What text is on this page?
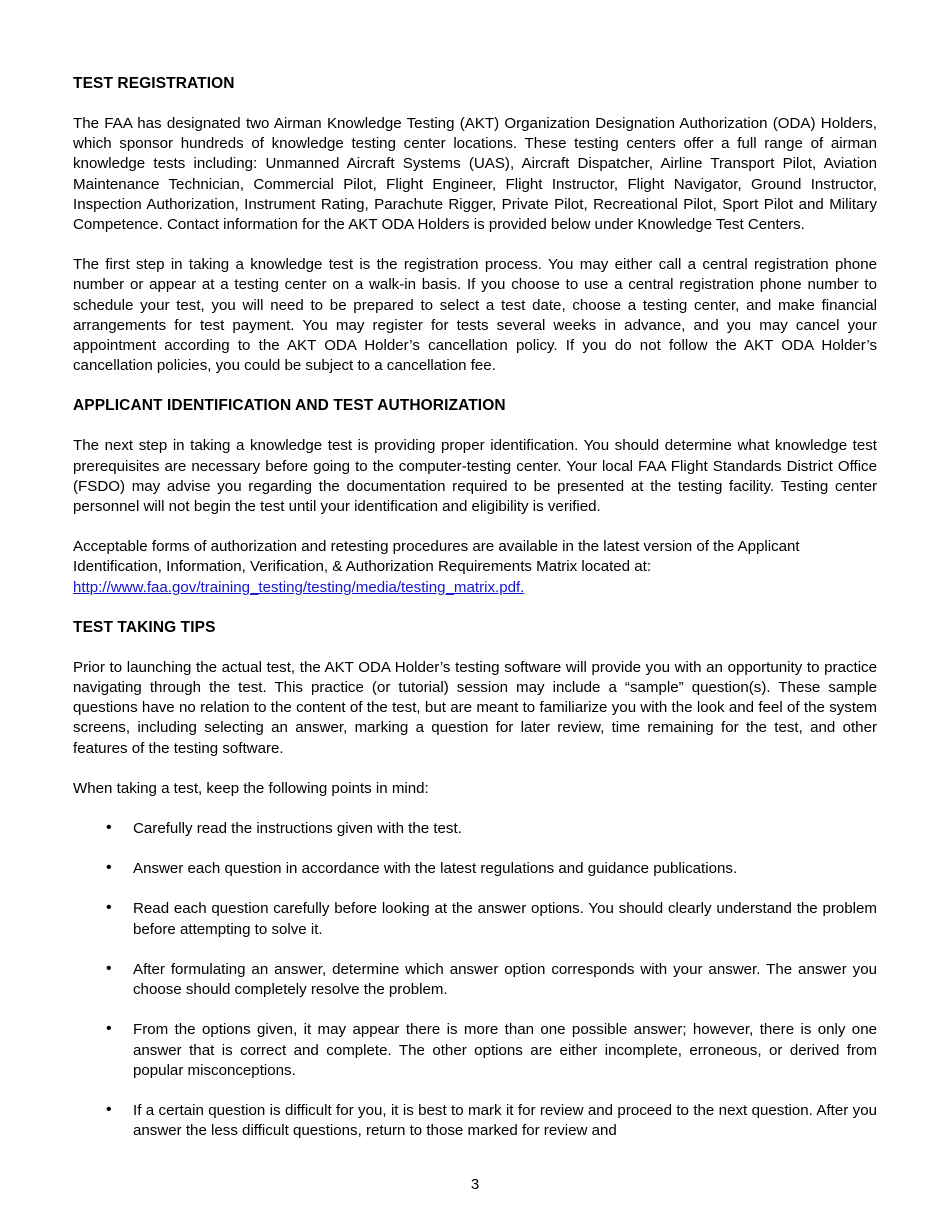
TEST REGISTRATION

The FAA has designated two Airman Knowledge Testing (AKT) Organization Designation Authorization (ODA) Holders, which sponsor hundreds of knowledge testing center locations. These testing centers offer a full range of airman knowledge tests including: Unmanned Aircraft Systems (UAS), Aircraft Dispatcher, Airline Transport Pilot, Aviation Maintenance Technician, Commercial Pilot, Flight Engineer, Flight Instructor, Flight Navigator, Ground Instructor, Inspection Authorization, Instrument Rating, Parachute Rigger, Private Pilot, Recreational Pilot, Sport Pilot and Military Competence. Contact information for the AKT ODA Holders is provided below under Knowledge Test Centers.

The first step in taking a knowledge test is the registration process. You may either call a central registration phone number or appear at a testing center on a walk-in basis. If you choose to use a central registration phone number to schedule your test, you will need to be prepared to select a test date, choose a testing center, and make financial arrangements for test payment. You may register for tests several weeks in advance, and you may cancel your appointment according to the AKT ODA Holder’s cancellation policy. If you do not follow the AKT ODA Holder’s cancellation policies, you could be subject to a cancellation fee.

APPLICANT IDENTIFICATION AND TEST AUTHORIZATION

The next step in taking a knowledge test is providing proper identification. You should determine what knowledge test prerequisites are necessary before going to the computer-testing center. Your local FAA Flight Standards District Office (FSDO) may advise you regarding the documentation required to be presented at the testing facility. Testing center personnel will not begin the test until your identification and eligibility is verified.

Acceptable forms of authorization and retesting procedures are available in the latest version of the Applicant Identification, Information, Verification, & Authorization Requirements Matrix located at:
http://www.faa.gov/training_testing/testing/media/testing_matrix.pdf.

TEST TAKING TIPS

Prior to launching the actual test, the AKT ODA Holder’s testing software will provide you with an opportunity to practice navigating through the test. This practice (or tutorial) session may include a “sample” question(s). These sample questions have no relation to the content of the test, but are meant to familiarize you with the look and feel of the system screens, including selecting an answer, marking a question for later review, time remaining for the test, and other features of the testing software.

When taking a test, keep the following points in mind:

• Carefully read the instructions given with the test.
• Answer each question in accordance with the latest regulations and guidance publications.
• Read each question carefully before looking at the answer options. You should clearly understand the problem before attempting to solve it.
• After formulating an answer, determine which answer option corresponds with your answer. The answer you choose should completely resolve the problem.
• From the options given, it may appear there is more than one possible answer; however, there is only one answer that is correct and complete. The other options are either incomplete, erroneous, or derived from popular misconceptions.
• If a certain question is difficult for you, it is best to mark it for review and proceed to the next question. After you answer the less difficult questions, return to those marked for review and
3
